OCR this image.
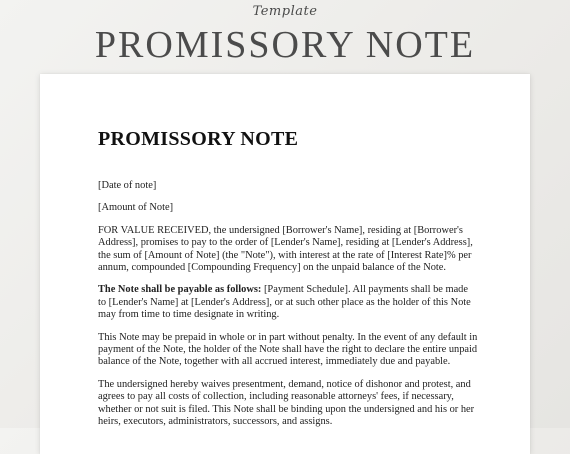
Template
PROMISSORY NOTE
PROMISSORY NOTE

[Date of note]

[Amount of Note]

FOR VALUE RECEIVED, the undersigned [Borrower's Name], residing at [Borrower's Address], promises to pay to the order of [Lender's Name], residing at [Lender's Address], the sum of [Amount of Note] (the "Note"), with interest at the rate of [Interest Rate]% per annum, compounded [Compounding Frequency] on the unpaid balance of the Note.

The Note shall be payable as follows: [Payment Schedule]. All payments shall be made to [Lender's Name] at [Lender's Address], or at such other place as the holder of this Note may from time to time designate in writing.

This Note may be prepaid in whole or in part without penalty. In the event of any default in payment of the Note, the holder of the Note shall have the right to declare the entire unpaid balance of the Note, together with all accrued interest, immediately due and payable.

The undersigned hereby waives presentment, demand, notice of dishonor and protest, and agrees to pay all costs of collection, including reasonable attorneys' fees, if necessary, whether or not suit is filed. This Note shall be binding upon the undersigned and his or her heirs, executors, administrators, successors, and assigns.
